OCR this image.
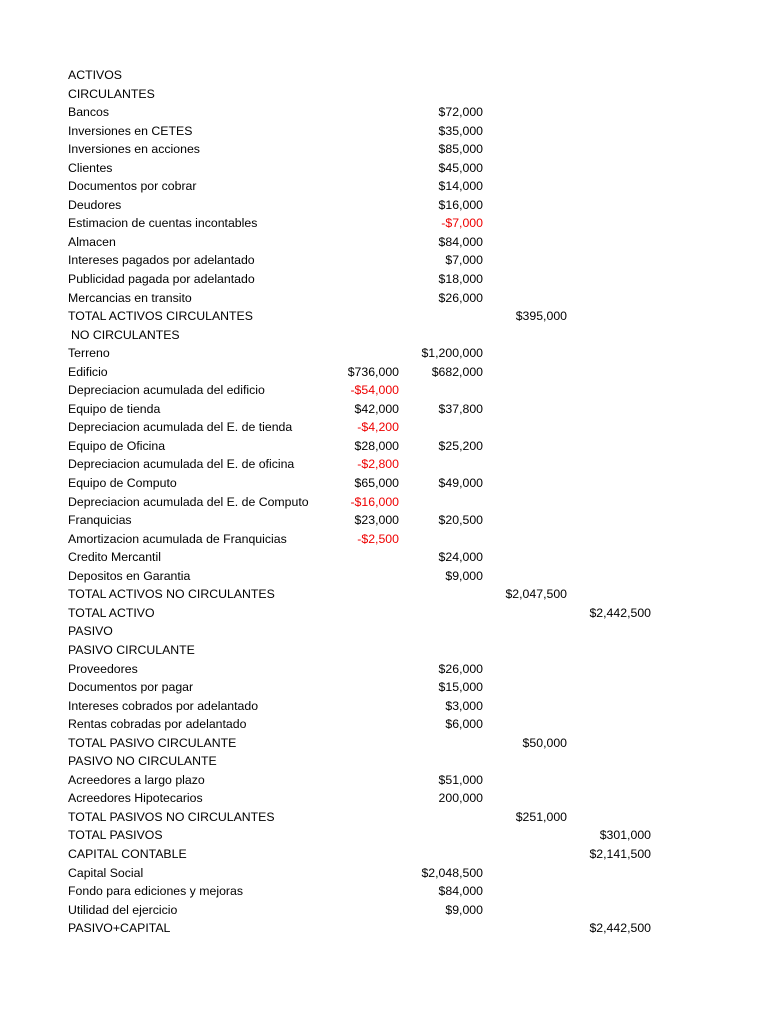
ACTIVOS
CIRCULANTES
Bancos	$72,000
Inversiones en CETES	$35,000
Inversiones en acciones	$85,000
Clientes	$45,000
Documentos por cobrar	$14,000
Deudores	$16,000
Estimacion de cuentas incontables	-$7,000
Almacen	$84,000
Intereses pagados por adelantado	$7,000
Publicidad pagada por adelantado	$18,000
Mercancias en transito	$26,000
TOTAL ACTIVOS CIRCULANTES	$395,000
NO CIRCULANTES
Terreno	$1,200,000
Edificio	$736,000	$682,000
Depreciacion acumulada del edificio	-$54,000
Equipo de tienda	$42,000	$37,800
Depreciacion acumulada del E. de tienda	-$4,200
Equipo de Oficina	$28,000	$25,200
Depreciacion acumulada del E. de oficina	-$2,800
Equipo de Computo	$65,000	$49,000
Depreciacion acumulada del E. de Computo	-$16,000
Franquicias	$23,000	$20,500
Amortizacion acumulada de Franquicias	-$2,500
Credito Mercantil	$24,000
Depositos en Garantia	$9,000
TOTAL ACTIVOS NO CIRCULANTES	$2,047,500
TOTAL ACTIVO	$2,442,500
PASIVO
PASIVO CIRCULANTE
Proveedores	$26,000
Documentos por pagar	$15,000
Intereses cobrados por adelantado	$3,000
Rentas cobradas por adelantado	$6,000
TOTAL PASIVO CIRCULANTE	$50,000
PASIVO NO CIRCULANTE
Acreedores a largo plazo	$51,000
Acreedores Hipotecarios	200,000
TOTAL PASIVOS NO CIRCULANTES	$251,000
TOTAL PASIVOS	$301,000
CAPITAL CONTABLE	$2,141,500
Capital Social	$2,048,500
Fondo para ediciones y mejoras	$84,000
Utilidad del ejercicio	$9,000
PASIVO+CAPITAL	$2,442,500
